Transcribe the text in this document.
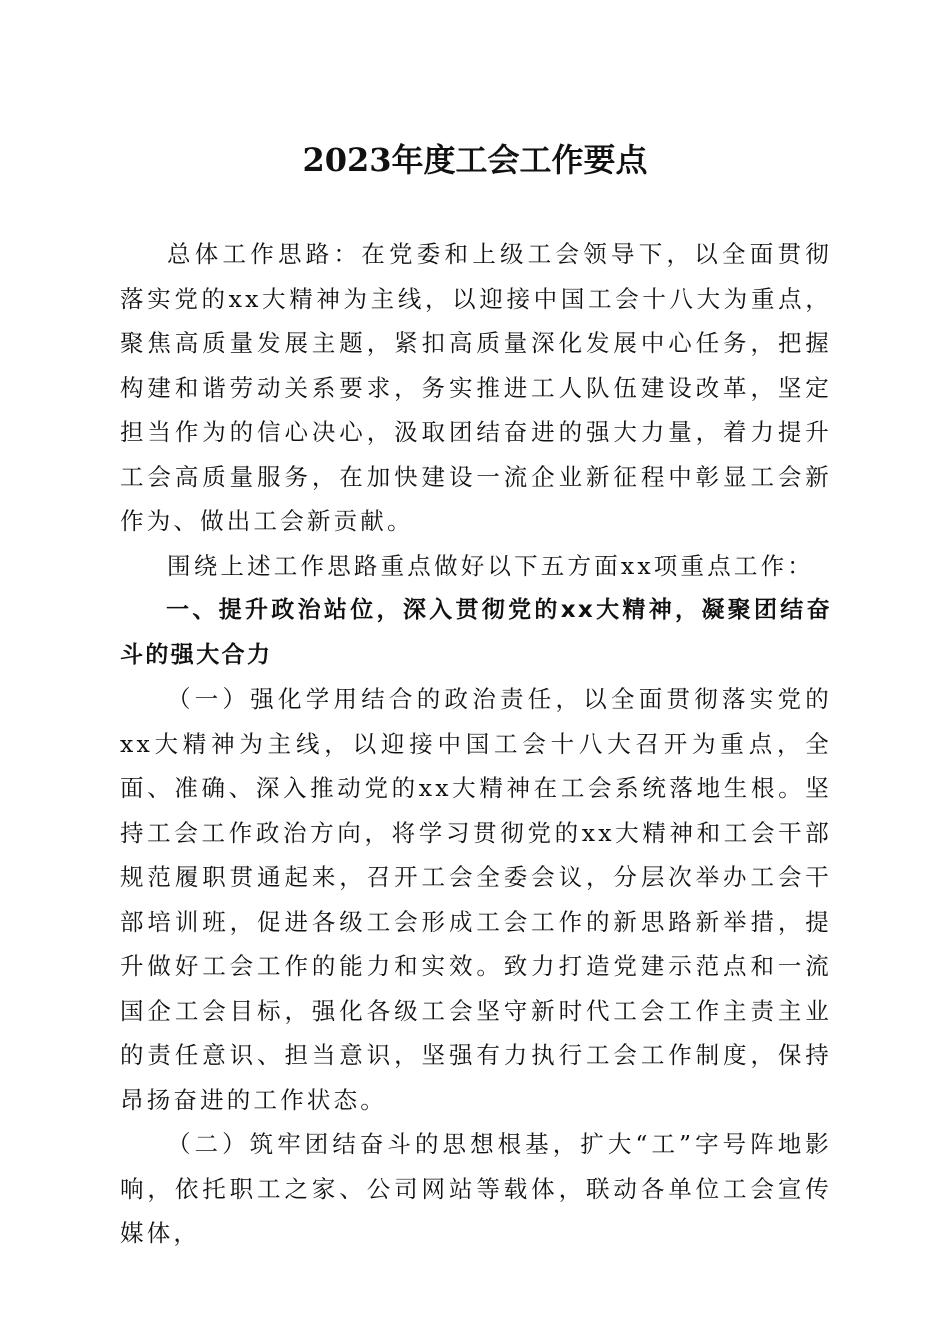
2023年度工会工作要点

总体工作思路：在党委和上级工会领导下，以全面贯彻落实党的xx大精神为主线，以迎接中国工会十八大为重点，聚焦高质量发展主题，紧扣高质量深化发展中心任务，把握构建和谐劳动关系要求，务实推进工人队伍建设改革，坚定担当作为的信心决心，汲取团结奋进的强大力量，着力提升工会高质量服务，在加快建设一流企业新征程中彰显工会新作为、做出工会新贡献。

围绕上述工作思路重点做好以下五方面xx项重点工作：

一、提升政治站位，深入贯彻党的xx大精神，凝聚团结奋斗的强大合力

（一）强化学用结合的政治责任，以全面贯彻落实党的xx大精神为主线，以迎接中国工会十八大召开为重点，全面、准确、深入推动党的xx大精神在工会系统落地生根。坚持工会工作政治方向，将学习贯彻党的xx大精神和工会干部规范履职贯通起来，召开工会全委会议，分层次举办工会干部培训班，促进各级工会形成工会工作的新思路新举措，提升做好工会工作的能力和实效。致力打造党建示范点和一流国企工会目标，强化各级工会坚守新时代工会工作主责主业的责任意识、担当意识，坚强有力执行工会工作制度，保持昂扬奋进的工作状态。

（二）筑牢团结奋斗的思想根基，扩大“工”字号阵地影响，依托职工之家、公司网站等载体，联动各单位工会宣传媒体，
